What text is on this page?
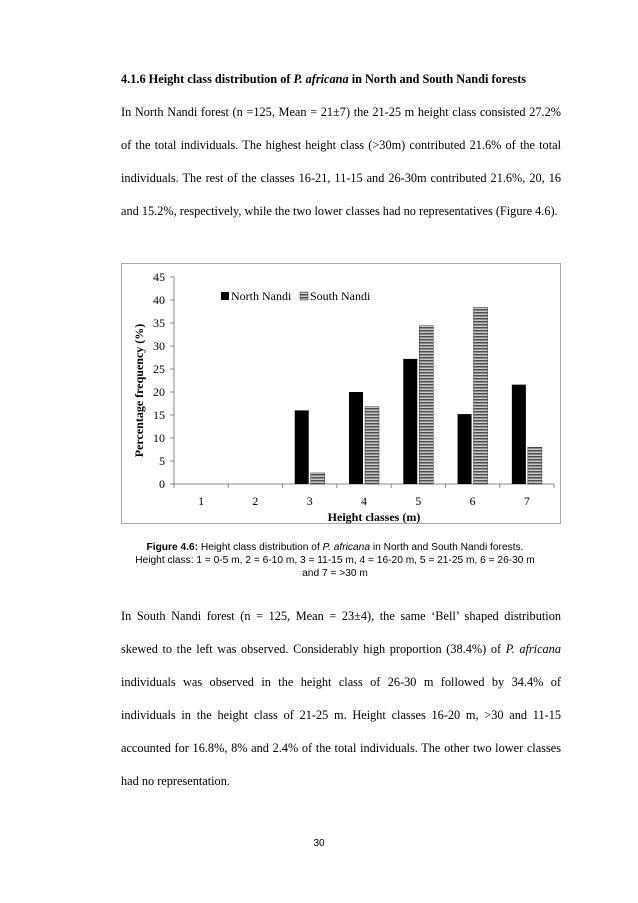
4.1.6 Height class distribution of P. africana in North and South Nandi forests

In North Nandi forest (n =125, Mean = 21±7) the 21-25 m height class consisted 27.2% of the total individuals. The highest height class (>30m) contributed 21.6% of the total individuals. The rest of the classes 16-21, 11-15 and 26-30m contributed 21.6%, 20, 16 and 15.2%, respectively, while the two lower classes had no representatives (Figure 4.6).

0
5
10
15
20
25
30
35
40
45
1	2	3	4	5	6	7
North Nandi South Nandi
Height classes (m)
Percentage frequency (%)
Figure 4.6: Height class distribution of P. africana in North and South Nandi forests.
Height class: 1 = 0-5 m, 2 = 6-10 m, 3 = 11-15 m, 4 = 16-20 m, 5 = 21-25 m, 6 = 26-30 m
and 7 = >30 m

In South Nandi forest (n = 125, Mean = 23±4), the same ‘Bell’ shaped distribution skewed to the left was observed. Considerably high proportion (38.4%) of P. africana individuals was observed in the height class of 26-30 m followed by 34.4% of individuals in the height class of 21-25 m. Height classes 16-20 m, >30 and 11-15 accounted for 16.8%, 8% and 2.4% of the total individuals. The other two lower classes had no representation.

30
